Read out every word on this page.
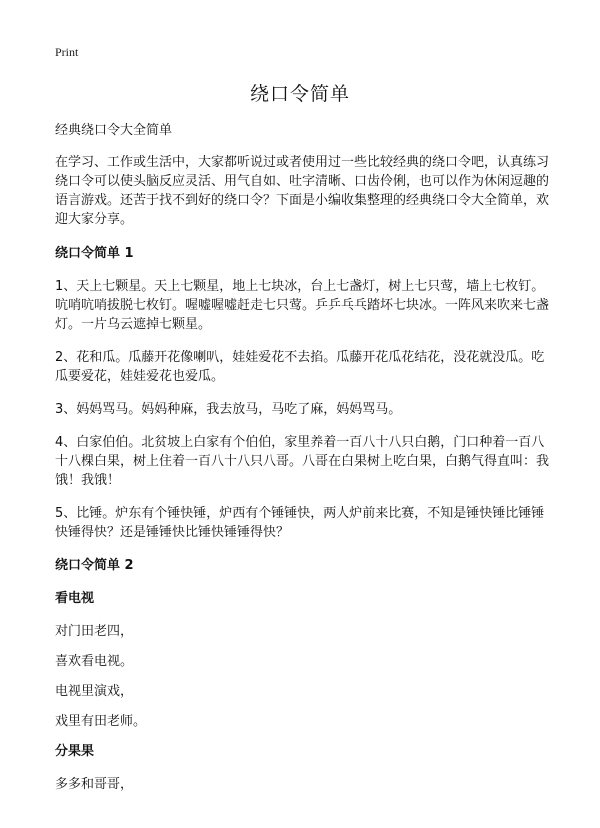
Print
绕口令简单

经典绕口令大全简单

在学习、工作或生活中，大家都听说过或者使用过一些比较经典的绕口令吧，认真练习绕口令可以使头脑反应灵活、用气自如、吐字清晰、口齿伶俐，也可以作为休闲逗趣的语言游戏。还苦于找不到好的绕口令？下面是小编收集整理的经典绕口令大全简单，欢迎大家分享。

绕口令简单 1

1、天上七颗星。天上七颗星，地上七块冰，台上七盏灯，树上七只莺，墙上七枚钉。吭哨吭哨拔脱七枚钉。喔嘘喔嘘赶走七只莺。乒乒乓乓踏坏七块冰。一阵风来吹来七盏灯。一片乌云遮掉七颗星。

2、花和瓜。瓜藤开花像喇叭，娃娃爱花不去掐。瓜藤开花瓜花结花，没花就没瓜。吃瓜要爱花，娃娃爱花也爱瓜。

3、妈妈骂马。妈妈种麻，我去放马，马吃了麻，妈妈骂马。

4、白家伯伯。北贫坡上白家有个伯伯，家里养着一百八十八只白鹅，门口种着一百八十八棵白果，树上住着一百八十八只八哥。八哥在白果树上吃白果，白鹅气得直叫：我饿！我饿！

5、比锤。炉东有个锤快锤，炉西有个锤锤快，两人炉前来比赛，不知是锤快锤比锤锤快锤得快？还是锤锤快比锤快锤锤得快？

绕口令简单 2

看电视

对门田老四，

喜欢看电视。

电视里演戏，

戏里有田老师。

分果果

多多和哥哥，
